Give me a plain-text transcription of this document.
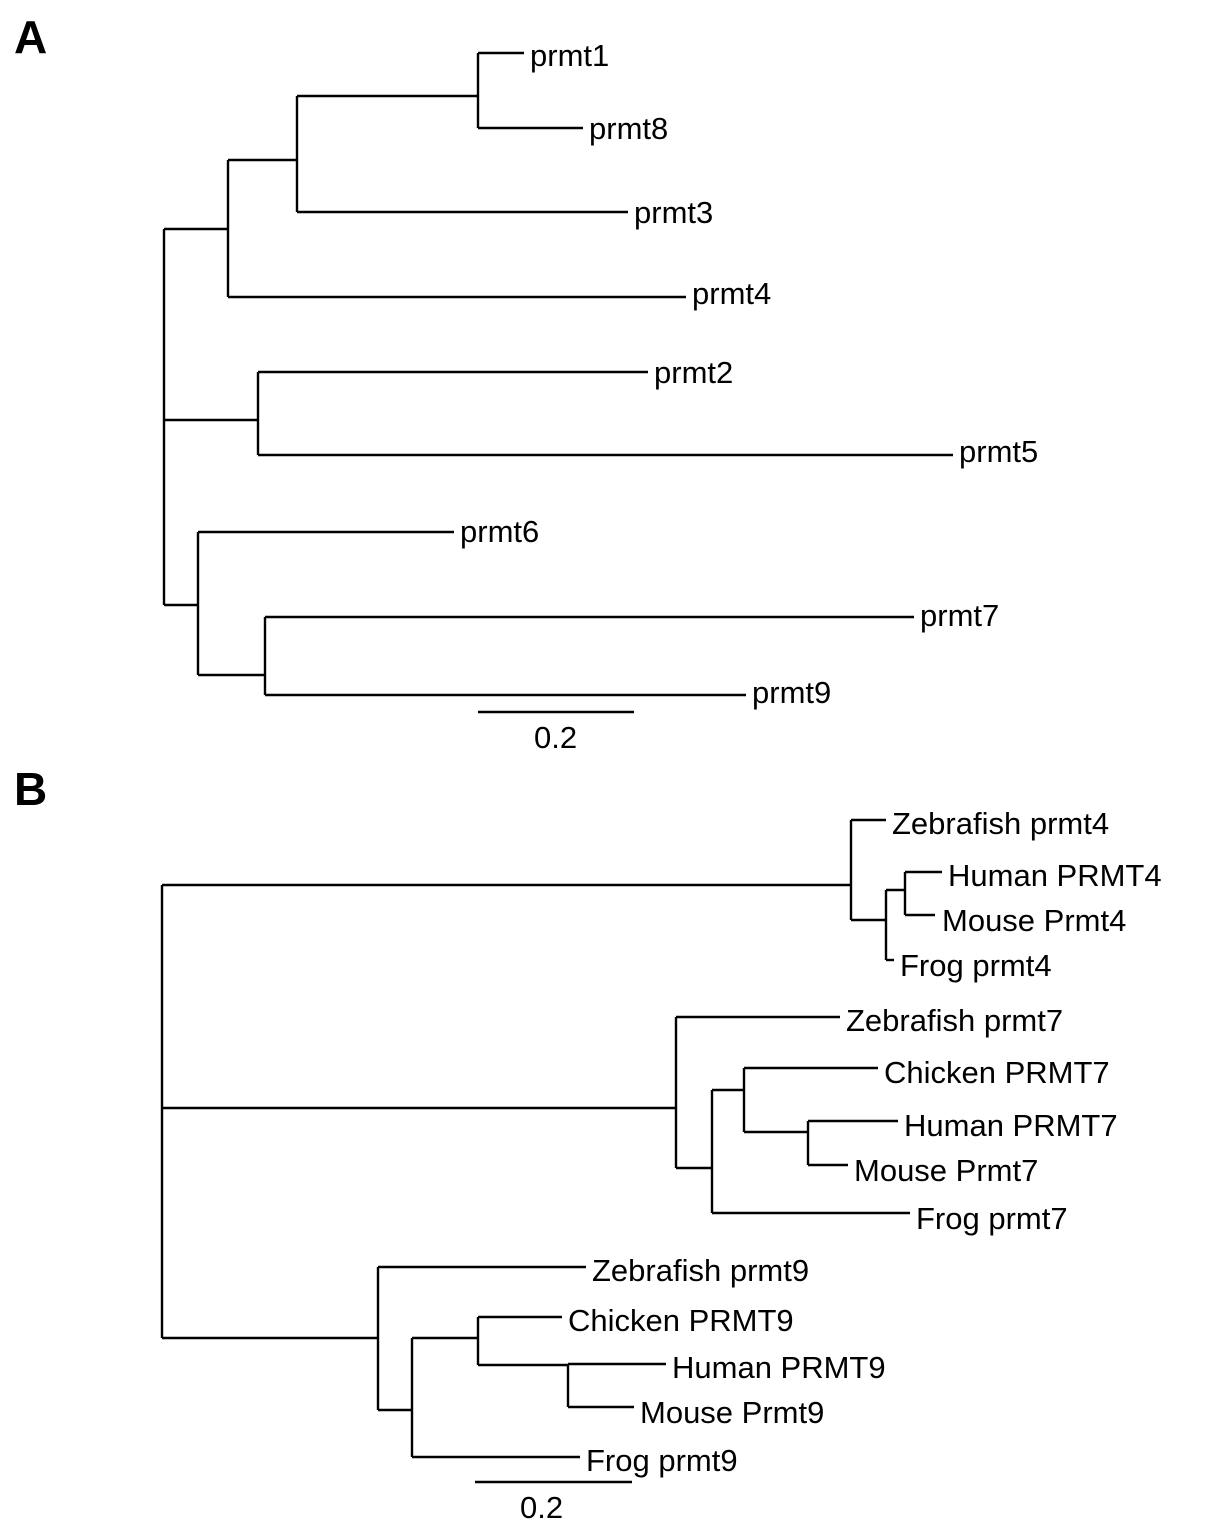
A	prmt1
prmt8
prmt3
prmt4
prmt2
prmt5
prmt6
prmt7
prmt9
0.2
B
Zebrafish prmt4
Human PRMT4
Mouse Prmt4
Frog prmt4
Zebrafish prmt7
Chicken PRMT7
Human PRMT7
Mouse Prmt7
Frog prmt7
Zebrafish prmt9
Chicken PRMT9
Human PRMT9
Mouse Prmt9
Frog prmt9
0.2
